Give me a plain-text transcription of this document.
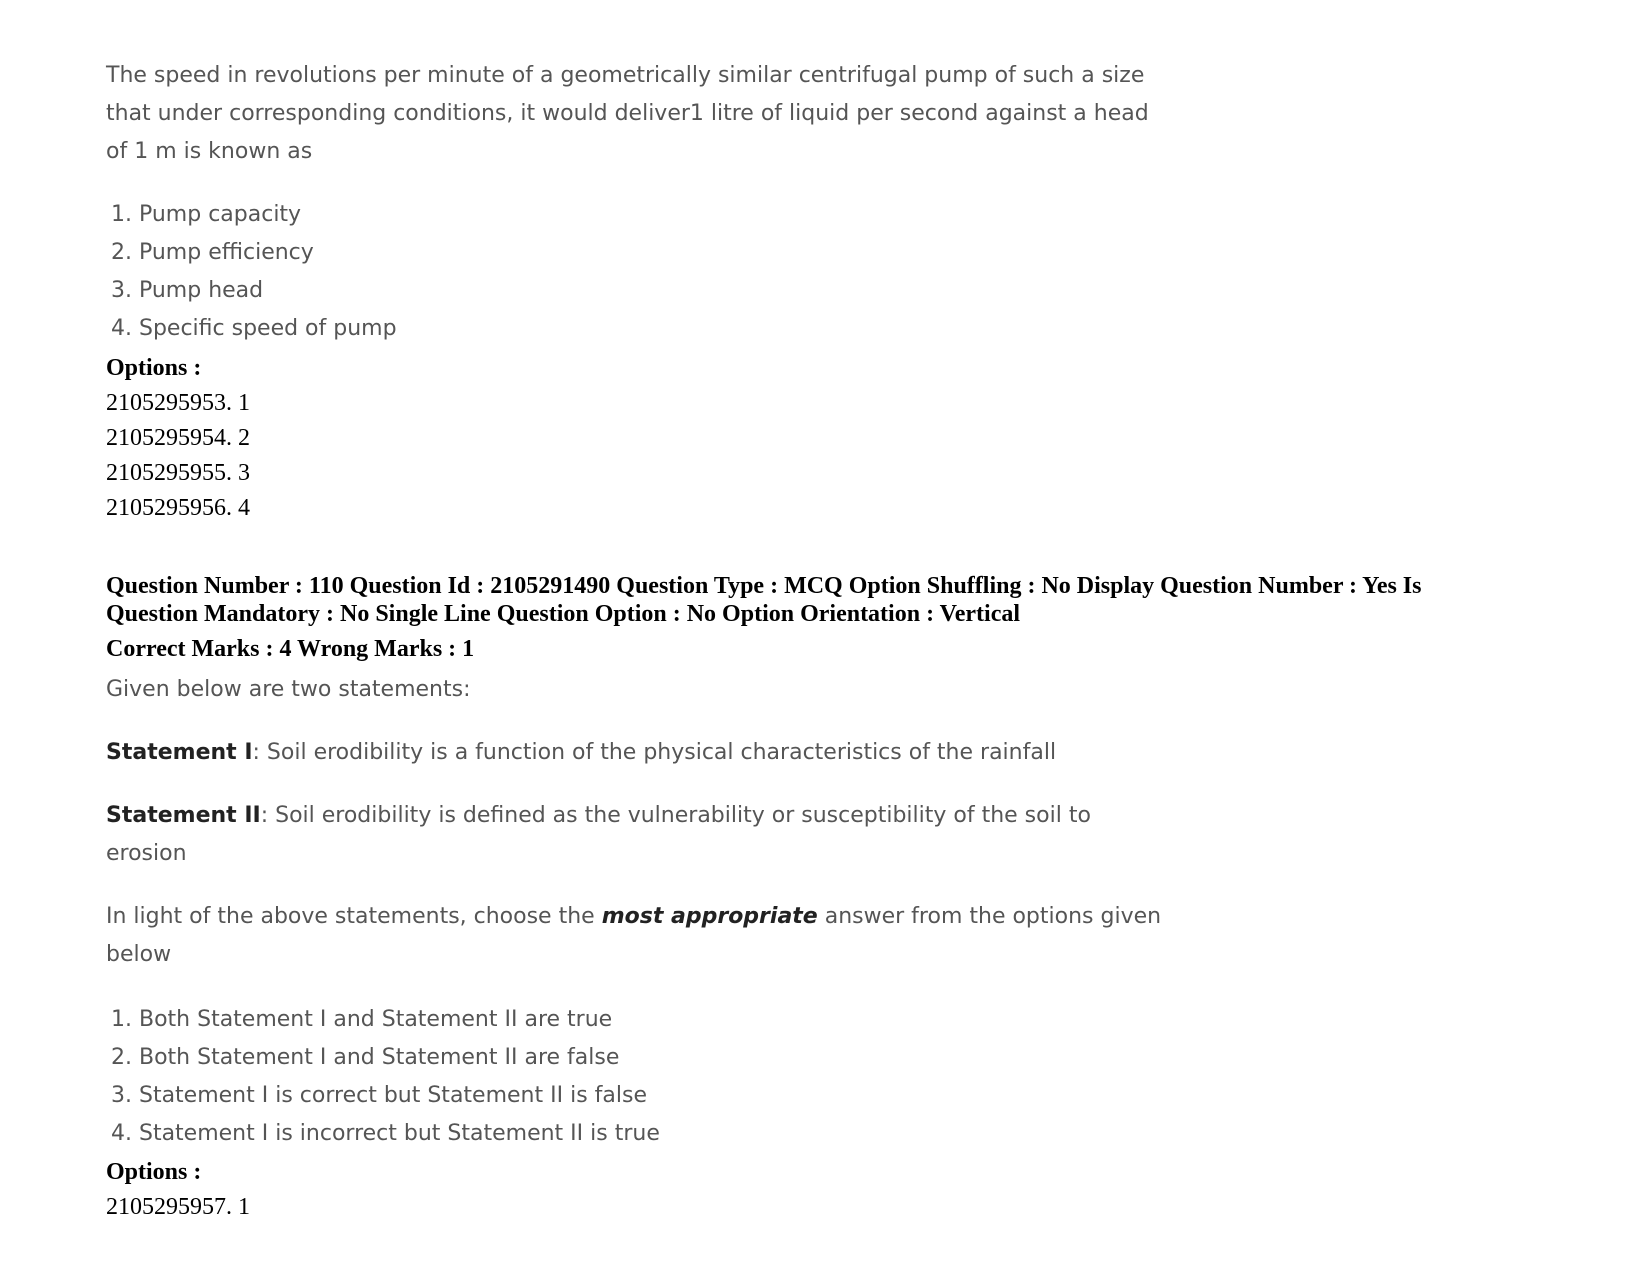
The speed in revolutions per minute of a geometrically similar centrifugal pump of such a size
that under corresponding conditions, it would deliver1 litre of liquid per second against a head
of 1 m is known as
1. Pump capacity
2. Pump efficiency
3. Pump head
4. Specific speed of pump
Options :
2105295953. 1
2105295954. 2
2105295955. 3
2105295956. 4
Question Number : 110 Question Id : 2105291490 Question Type : MCQ Option Shuffling : No Display Question Number : Yes Is
Question Mandatory : No Single Line Question Option : No Option Orientation : Vertical
Correct Marks : 4 Wrong Marks : 1
Given below are two statements:
Statement I: Soil erodibility is a function of the physical characteristics of the rainfall
Statement II: Soil erodibility is defined as the vulnerability or susceptibility of the soil to
erosion
In light of the above statements, choose the most appropriate answer from the options given
below
1. Both Statement I and Statement II are true
2. Both Statement I and Statement II are false
3. Statement I is correct but Statement II is false
4. Statement I is incorrect but Statement II is true
Options :
2105295957. 1
